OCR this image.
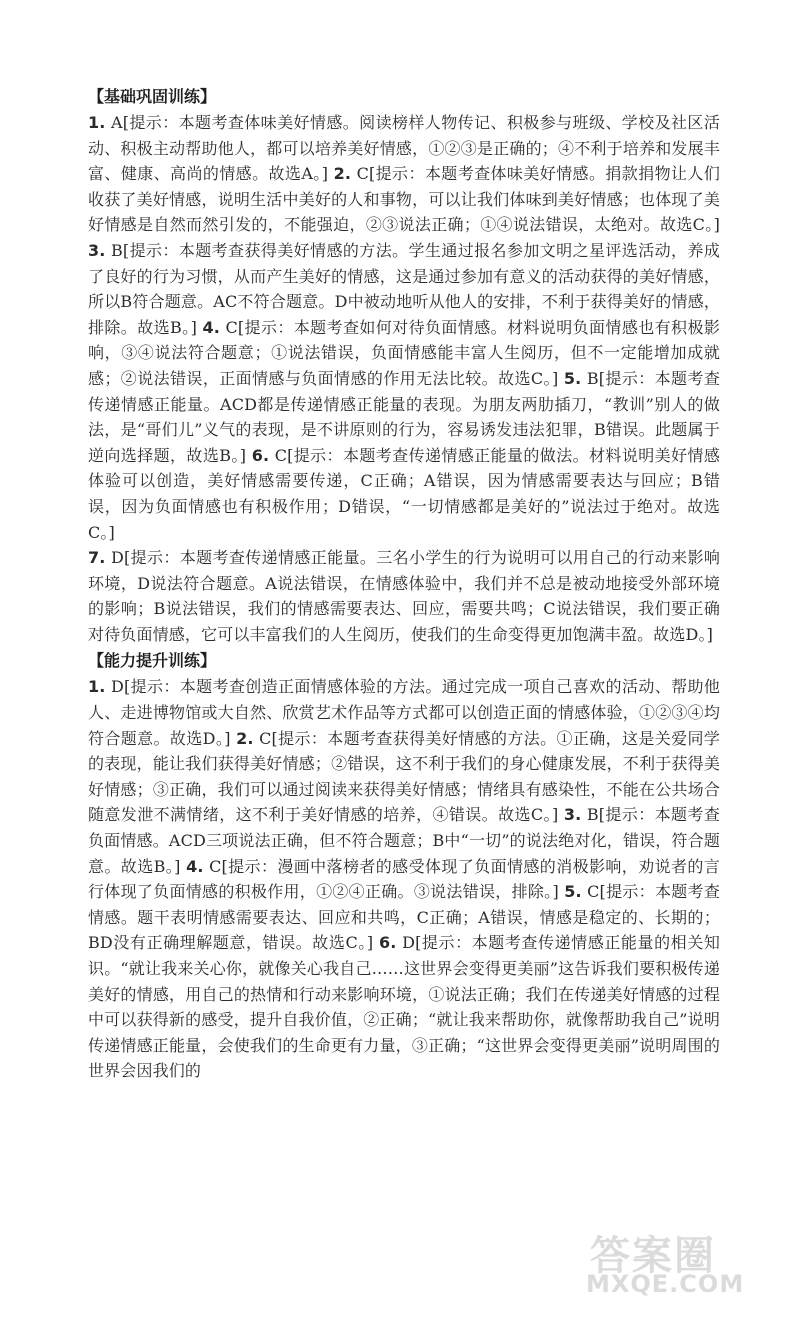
【基础巩固训练】

1. A[提示：本题考查体味美好情感。阅读榜样人物传记、积极参与班级、学校及社区活动、积极主动帮助他人，都可以培养美好情感，①②③是正确的；④不利于培养和发展丰富、健康、高尚的情感。故选A。] 2. C[提示：本题考查体味美好情感。捐款捐物让人们收获了美好情感，说明生活中美好的人和事物，可以让我们体味到美好情感；也体现了美好情感是自然而然引发的，不能强迫，②③说法正确；①④说法错误，太绝对。故选C。] 3. B[提示：本题考查获得美好情感的方法。学生通过报名参加文明之星评选活动，养成了良好的行为习惯，从而产生美好的情感，这是通过参加有意义的活动获得的美好情感，所以B符合题意。AC不符合题意。D中被动地听从他人的安排，不利于获得美好的情感，排除。故选B。] 4. C[提示：本题考查如何对待负面情感。材料说明负面情感也有积极影响，③④说法符合题意；①说法错误，负面情感能丰富人生阅历，但不一定能增加成就感；②说法错误，正面情感与负面情感的作用无法比较。故选C。] 5. B[提示：本题考查传递情感正能量。ACD都是传递情感正能量的表现。为朋友两肋插刀，“教训”别人的做法，是“哥们儿”义气的表现，是不讲原则的行为，容易诱发违法犯罪，B错误。此题属于逆向选择题，故选B。] 6. C[提示：本题考查传递情感正能量的做法。材料说明美好情感体验可以创造，美好情感需要传递，C正确；A错误，因为情感需要表达与回应；B错误，因为负面情感也有积极作用；D错误，“一切情感都是美好的”说法过于绝对。故选C。]

7. D[提示：本题考查传递情感正能量。三名小学生的行为说明可以用自己的行动来影响环境，D说法符合题意。A说法错误，在情感体验中，我们并不总是被动地接受外部环境的影响；B说法错误，我们的情感需要表达、回应，需要共鸣；C说法错误，我们要正确对待负面情感，它可以丰富我们的人生阅历，使我们的生命变得更加饱满丰盈。故选D。]

【能力提升训练】

1. D[提示：本题考查创造正面情感体验的方法。通过完成一项自己喜欢的活动、帮助他人、走进博物馆或大自然、欣赏艺术作品等方式都可以创造正面的情感体验，①②③④均符合题意。故选D。] 2. C[提示：本题考查获得美好情感的方法。①正确，这是关爱同学的表现，能让我们获得美好情感；②错误，这不利于我们的身心健康发展，不利于获得美好情感；③正确，我们可以通过阅读来获得美好情感；情绪具有感染性，不能在公共场合随意发泄不满情绪，这不利于美好情感的培养，④错误。故选C。] 3. B[提示：本题考查负面情感。ACD三项说法正确，但不符合题意；B中“一切”的说法绝对化，错误，符合题意。故选B。] 4. C[提示：漫画中落榜者的感受体现了负面情感的消极影响，劝说者的言行体现了负面情感的积极作用，①②④正确。③说法错误，排除。] 5. C[提示：本题考查情感。题干表明情感需要表达、回应和共鸣，C正确；A错误，情感是稳定的、长期的；BD没有正确理解题意，错误。故选C。] 6. D[提示：本题考查传递情感正能量的相关知识。“就让我来关心你，就像关心我自己……这世界会变得更美丽”这告诉我们要积极传递美好的情感，用自己的热情和行动来影响环境，①说法正确；我们在传递美好情感的过程中可以获得新的感受，提升自我价值，②正确；“就让我来帮助你，就像帮助我自己”说明传递情感正能量，会使我们的生命更有力量，③正确；“这世界会变得更美丽”说明周围的世界会因我们的

答案圈
MXQE.COM
